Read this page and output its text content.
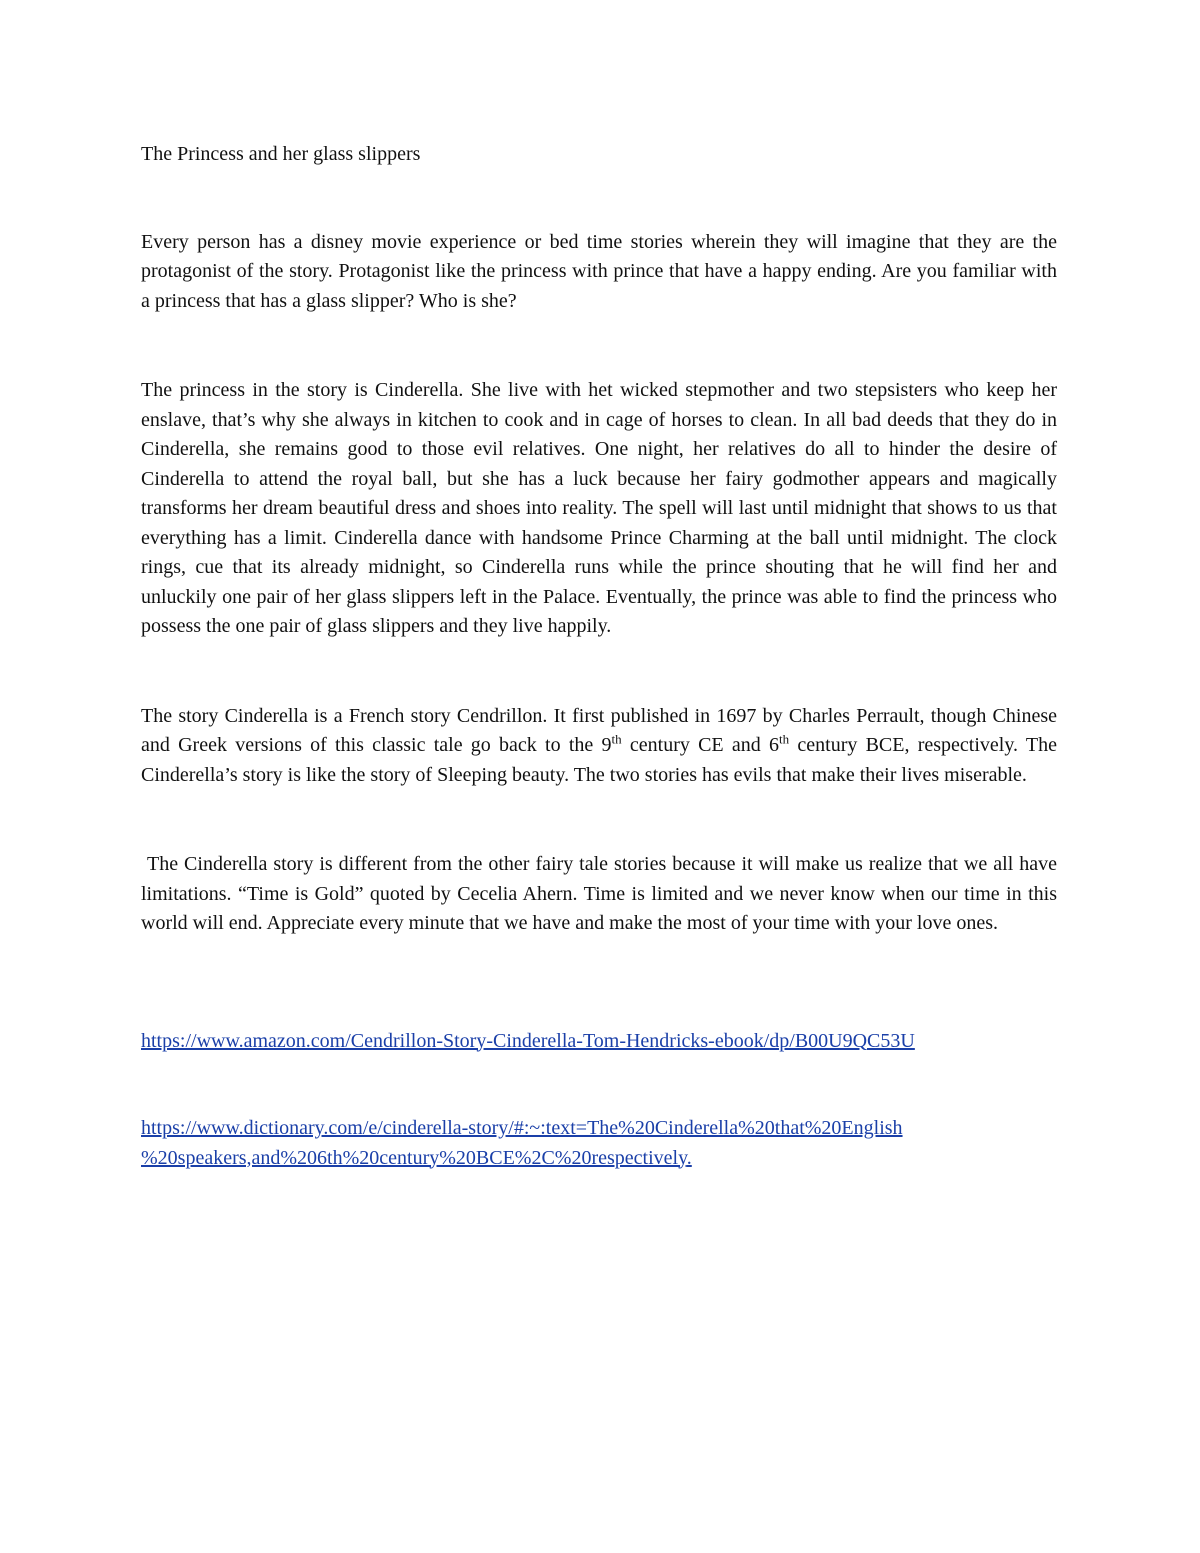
The Princess and her glass slippers

Every person has a disney movie experience or bed time stories wherein they will imagine that they are the protagonist of the story. Protagonist like the princess with prince that have a happy ending. Are you familiar with a princess that has a glass slipper? Who is she?

The princess in the story is Cinderella. She live with het wicked stepmother and two stepsisters who keep her enslave, that’s why she always in kitchen to cook and in cage of horses to clean. In all bad deeds that they do in Cinderella, she remains good to those evil relatives. One night, her relatives do all to hinder the desire of Cinderella to attend the royal ball, but she has a luck because her fairy godmother appears and magically transforms her dream beautiful dress and shoes into reality. The spell will last until midnight that shows to us that everything has a limit. Cinderella dance with handsome Prince Charming at the ball until midnight. The clock rings, cue that its already midnight, so Cinderella runs while the prince shouting that he will find her and unluckily one pair of her glass slippers left in the Palace. Eventually, the prince was able to find the princess who possess the one pair of glass slippers and they live happily.

The story Cinderella is a French story Cendrillon. It first published in 1697 by Charles Perrault, though Chinese and Greek versions of this classic tale go back to the 9th century CE and 6th century BCE, respectively. The Cinderella’s story is like the story of Sleeping beauty. The two stories has evils that make their lives miserable.

The Cinderella story is different from the other fairy tale stories because it will make us realize that we all have limitations. “Time is Gold” quoted by Cecelia Ahern. Time is limited and we never know when our time in this world will end. Appreciate every minute that we have and make the most of your time with your love ones.

https://www.amazon.com/Cendrillon-Story-Cinderella-Tom-Hendricks-ebook/dp/B00U9QC53U

https://www.dictionary.com/e/cinderella-story/#:~:text=The%20Cinderella%20that%20English
%20speakers,and%206th%20century%20BCE%2C%20respectively.
